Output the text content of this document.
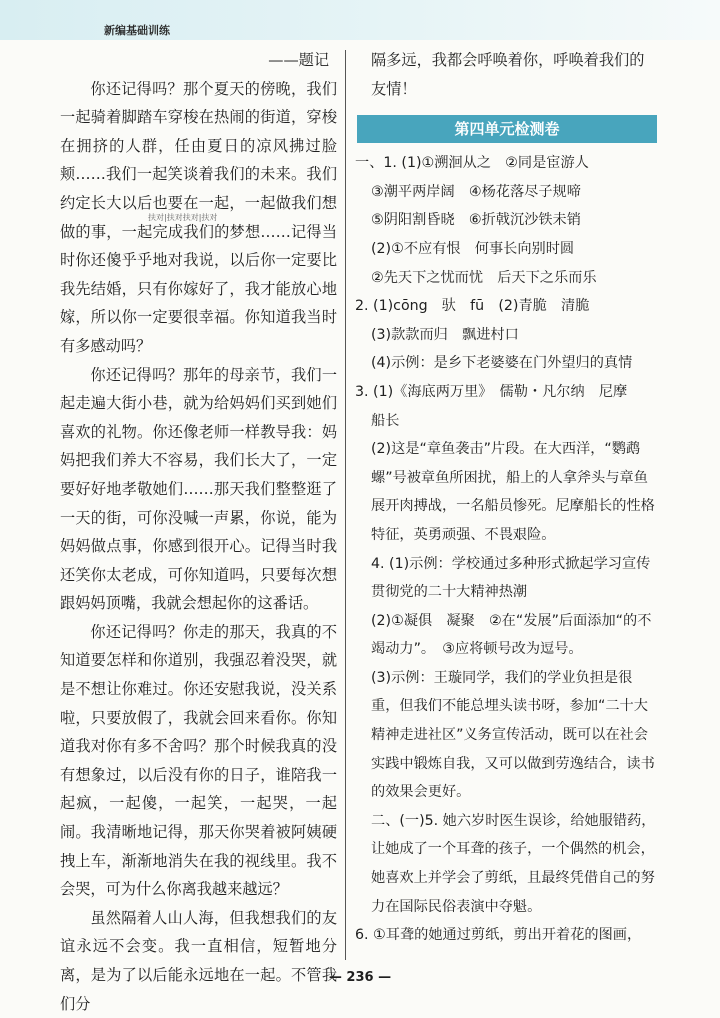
新编基础训练

——题记

你还记得吗？那个夏天的傍晚，我们一起骑着脚踏车穿梭在热闹的街道，穿梭在拥挤的人群，任由夏日的凉风拂过脸颊……我们一起笑谈着我们的未来。我们约定长大以后也要在一起，一起做我们想做的事，一起完成我们的梦想……记得当时你还傻乎乎地对我说，以后你一定要比我先结婚，只有你嫁好了，我才能放心地嫁，所以你一定要很幸福。你知道我当时有多感动吗？

你还记得吗？那年的母亲节，我们一起走遍大街小巷，就为给妈妈们买到她们喜欢的礼物。你还像老师一样教导我：妈妈把我们养大不容易，我们长大了，一定要好好地孝敬她们……那天我们整整逛了一天的街，可你没喊一声累，你说，能为妈妈做点事，你感到很开心。记得当时我还笑你太老成，可你知道吗，只要每次想跟妈妈顶嘴，我就会想起你的这番话。

你还记得吗？你走的那天，我真的不知道要怎样和你道别，我强忍着没哭，就是不想让你难过。你还安慰我说，没关系啦，只要放假了，我就会回来看你。你知道我对你有多不舍吗？那个时候我真的没有想象过，以后没有你的日子，谁陪我一起疯，一起傻，一起笑，一起哭，一起闹。我清晰地记得，那天你哭着被阿姨硬拽上车，渐渐地消失在我的视线里。我不会哭，可为什么你离我越来越远？

虽然隔着人山人海，但我想我们的友谊永远不会变。我一直相信，短暂地分离，是为了以后能永远地在一起。不管我们分

隔多远，我都会呼唤着你，呼唤着我们的
友情！
第四单元检测卷
一、1. (1)①溯洄从之　②同是宦游人
③潮平两岸阔　④杨花落尽子规啼
⑤阴阳割昏晓　⑥折戟沉沙铁未销
(2)①不应有恨　何事长向别时圆
②先天下之忧而忧　后天下之乐而乐
2. (1)cōng　驮　fū　(2)青脆　清脆
(3)款款而归　飘进村口
(4)示例：是乡下老婆婆在门外望归的真情
3. (1)《海底两万里》　儒勒・凡尔纳　尼摩
船长
(2)这是“章鱼袭击”片段。在大西洋，“鹦鹉螺”号被章鱼所困扰，船上的人拿斧头与章鱼展开肉搏战，一名船员惨死。尼摩船长的性格特征，英勇顽强、不畏艰险。
4. (1)示例：学校通过多种形式掀起学习宣传贯彻党的二十大精神热潮
(2)①凝俱　凝聚　②在“发展”后面添加“的不竭动力”。　③应将顿号改为逗号。
(3)示例：王璇同学，我们的学业负担是很重，但我们不能总埋头读书呀，参加“二十大精神走进社区”义务宣传活动，既可以在社会实践中锻炼自我，又可以做到劳逸结合，读书的效果会更好。
二、(一)5. 她六岁时医生误诊，给她服错药，让她成了一个耳聋的孩子，一个偶然的机会，她喜欢上并学会了剪纸，且最终凭借自己的努力在国际民俗表演中夺魁。
6. ①耳聋的她通过剪纸，剪出开着花的图画，
扶对|扶对扶对|扶对
— 236 —
